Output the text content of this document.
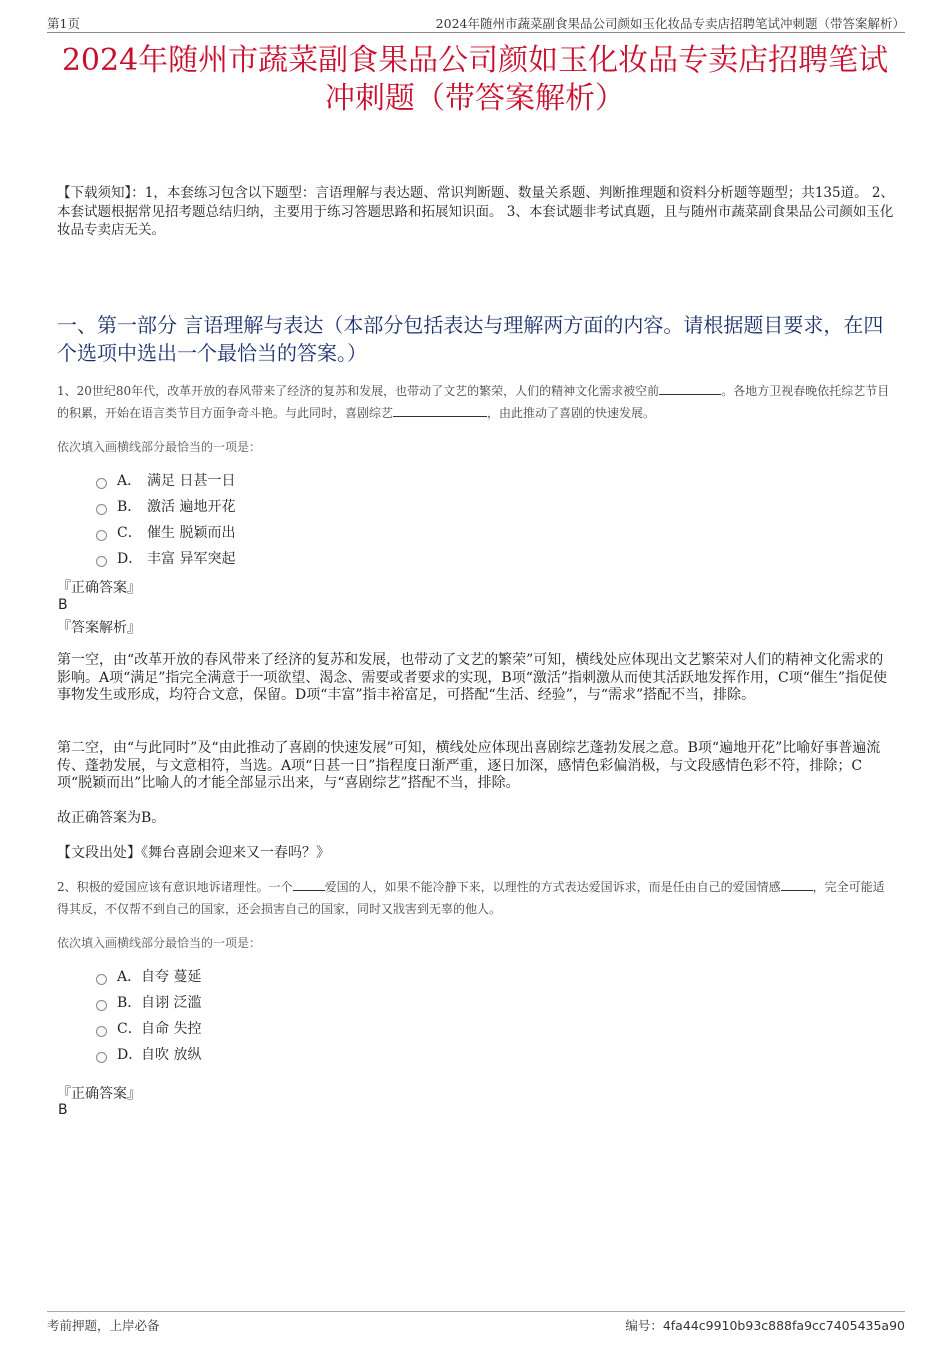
第1页	2024年随州市蔬菜副食果品公司颜如玉化妆品专卖店招聘笔试冲刺题（带答案解析）
2024年随州市蔬菜副食果品公司颜如玉化妆品专卖店招聘笔试
冲刺题（带答案解析）
【下载须知】：1，本套练习包含以下题型：言语理解与表达题、常识判断题、数量关系题、判断推理题和资料分析题等题型；共135道。 2、本套试题根据常见招考题总结归纳，主要用于练习答题思路和拓展知识面。 3、本套试题非考试真题，且与随州市蔬菜副食果品公司颜如玉化妆品专卖店无关。
一、第一部分 言语理解与表达（本部分包括表达与理解两方面的内容。请根据题目要求，在四个选项中选出一个最恰当的答案。）
1、20世纪80年代，改革开放的春风带来了经济的复苏和发展，也带动了文艺的繁荣，人们的精神文化需求被空前	。各地方卫视春晚依托综艺节目的积累，开始在语言类节目方面争奇斗艳。与此同时，喜剧综艺	，由此推动了喜剧的快速发展。
依次填入画横线部分最恰当的一项是：
A． 满足 日甚一日
B． 激活 遍地开花
C． 催生 脱颖而出
D． 丰富 异军突起
『正确答案』
B
『答案解析』
第一空，由“改革开放的春风带来了经济的复苏和发展，也带动了文艺的繁荣”可知，横线处应体现出文艺繁荣对人们的精神文化需求的影响。A项“满足”指完全满意于一项欲望、渴念、需要或者要求的实现，B项“激活”指刺激从而使其活跃地发挥作用，C项“催生”指促使事物发生或形成，均符合文意，保留。D项“丰富”指丰裕富足，可搭配“生活、经验”，与“需求”搭配不当，排除。
第二空，由“与此同时”及“由此推动了喜剧的快速发展”可知，横线处应体现出喜剧综艺蓬勃发展之意。B项“遍地开花”比喻好事普遍流传、蓬勃发展，与文意相符，当选。A项“日甚一日”指程度日渐严重，逐日加深，感情色彩偏消极，与文段感情色彩不符，排除；C项“脱颖而出”比喻人的才能全部显示出来，与“喜剧综艺”搭配不当，排除。
故正确答案为B。
【文段出处】《舞台喜剧会迎来又一春吗？》
2、积极的爱国应该有意识地诉诸理性。一个	爱国的人，如果不能冷静下来，以理性的方式表达爱国诉求，而是任由自己的爱国情感	，完全可能适得其反，不仅帮不到自己的国家，还会损害自己的国家，同时又戕害到无辜的他人。
依次填入画横线部分最恰当的一项是：
A． 自夸 蔓延
B． 自诩 泛滥
C． 自命 失控
D．
自吹 放纵
『正确答案』
B
考前押题，上岸必备	编号：4fa44c9910b93c888fa9cc7405435a90
